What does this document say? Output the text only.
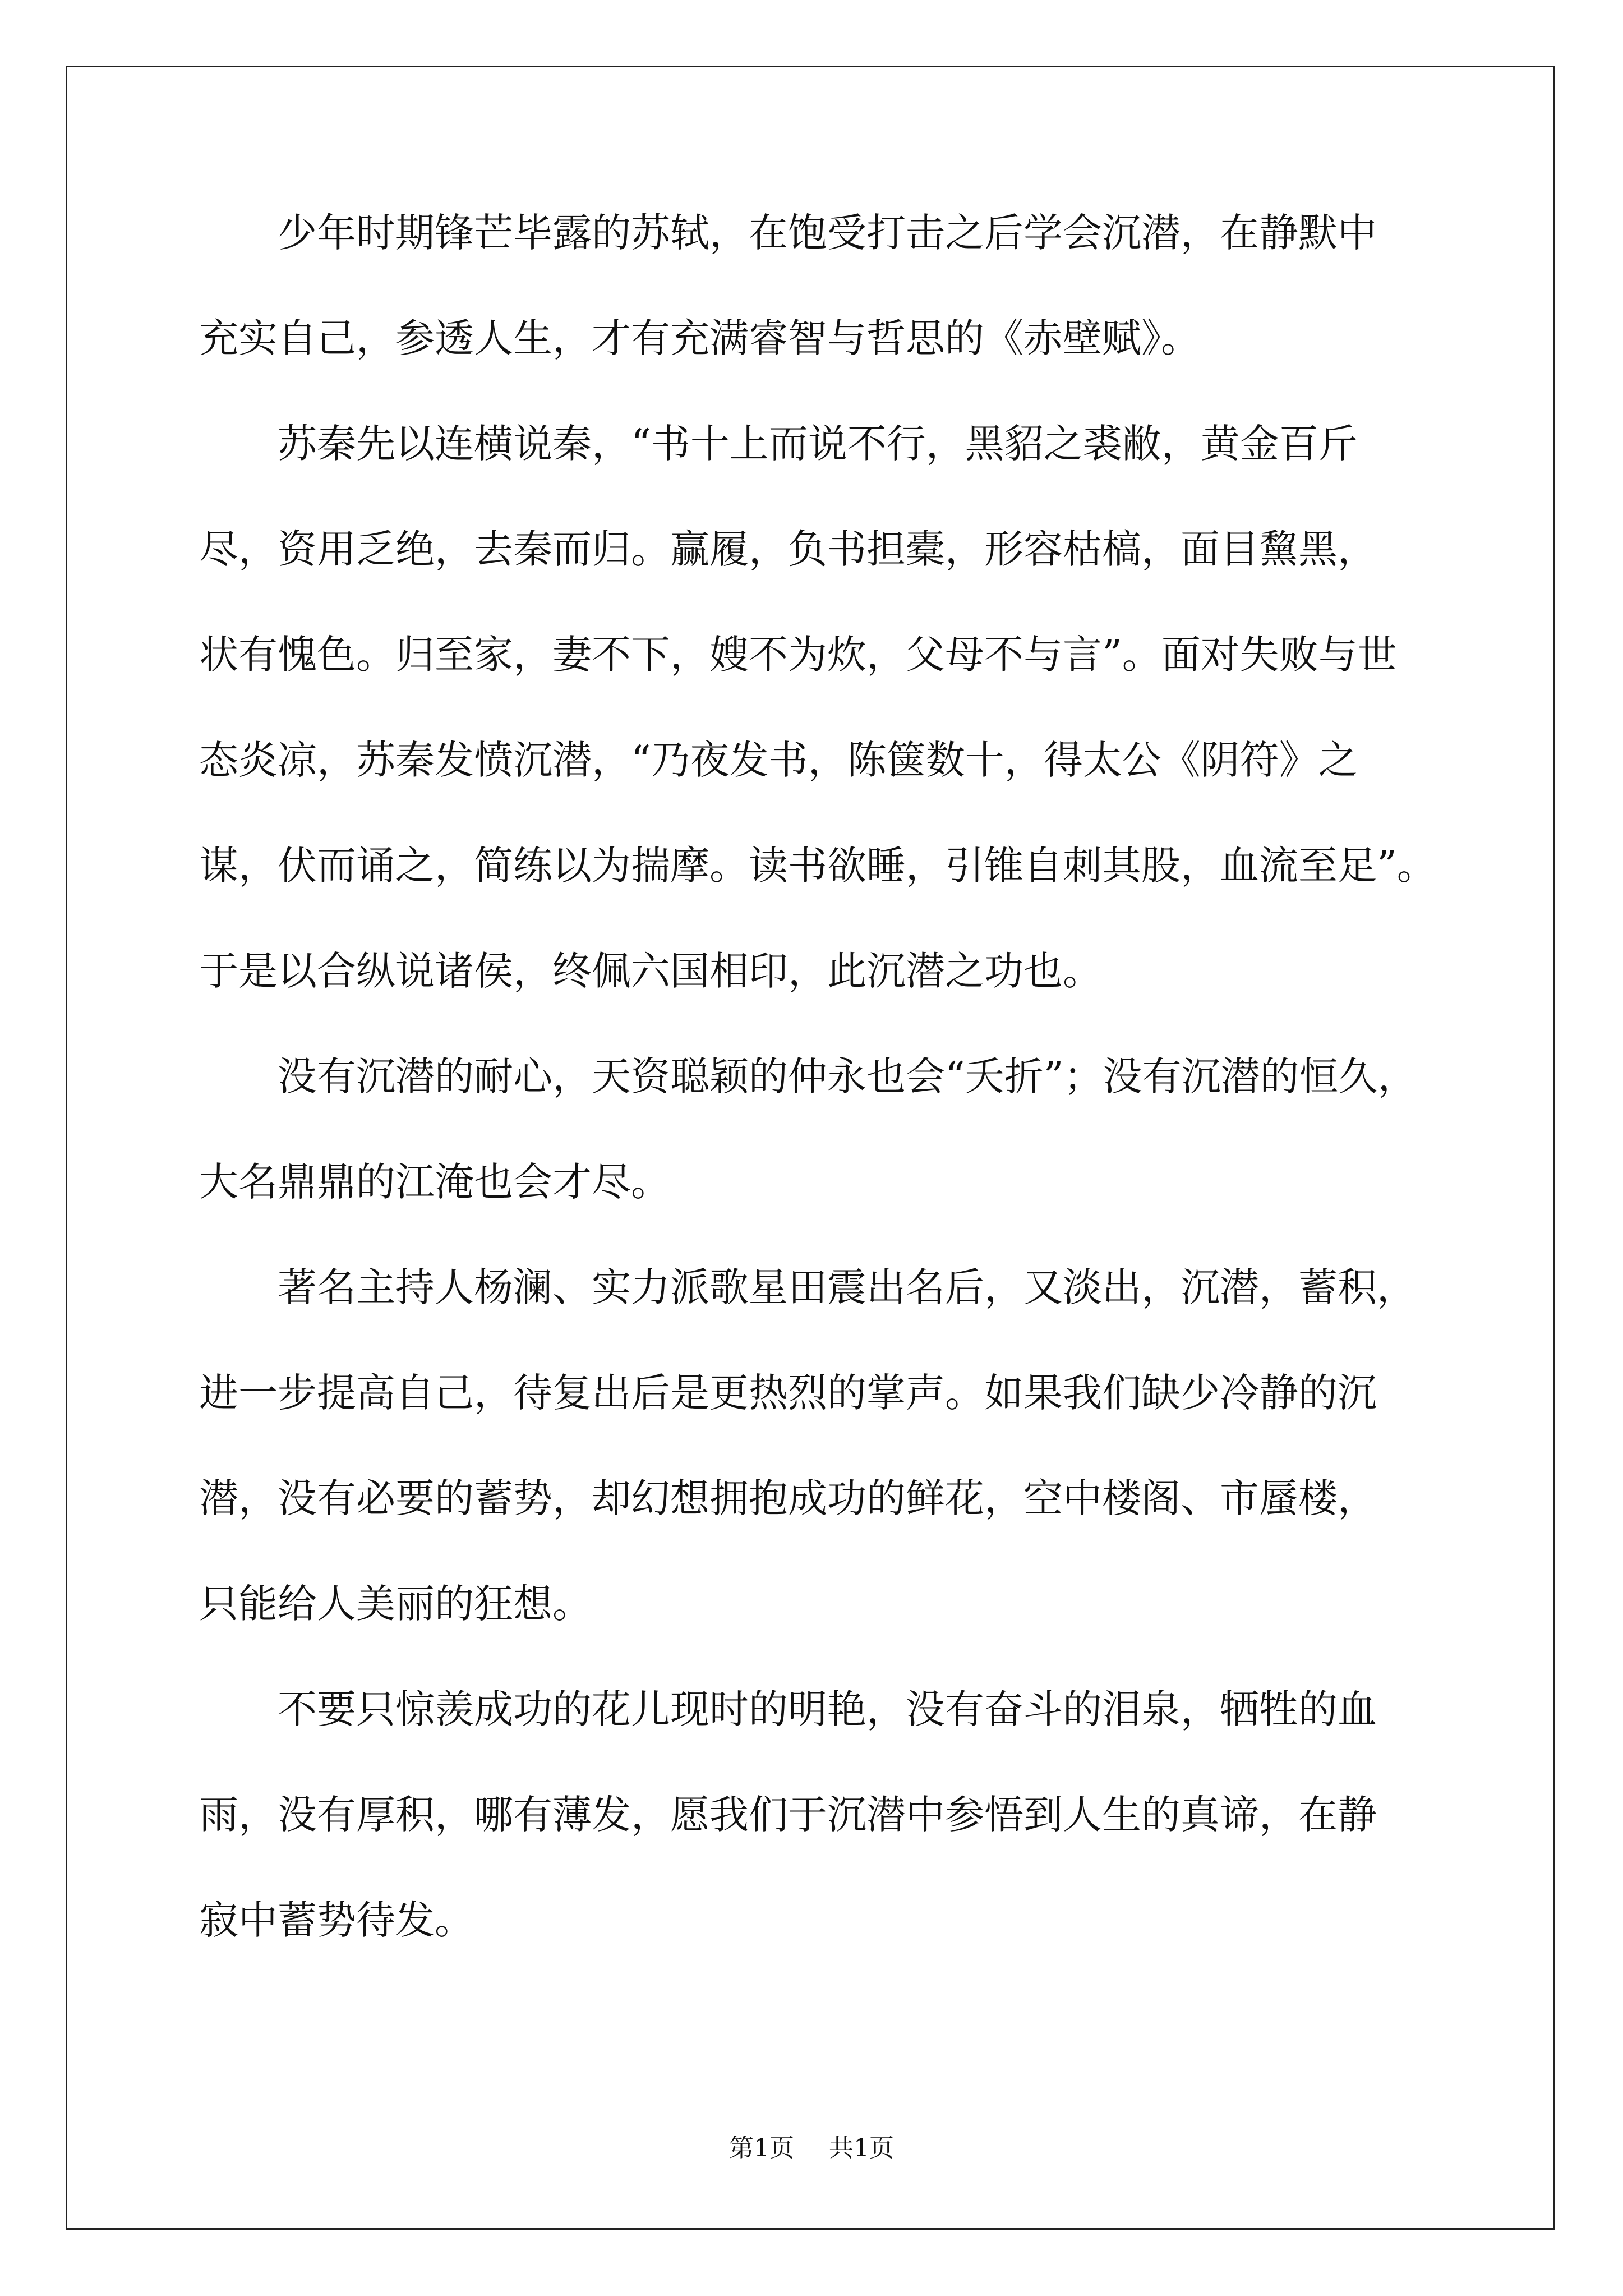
　　少年时期锋芒毕露的苏轼，在饱受打击之后学会沉潜，在静默中
充实自己，参透人生，才有充满睿智与哲思的《赤壁赋》。
　　苏秦先以连横说秦，“书十上而说不行，黑貂之裘敝，黄金百斤
尽，资用乏绝，去秦而归。赢履，负书担橐，形容枯槁，面目黧黑，
状有愧色。归至家，妻不下，嫂不为炊，父母不与言”。面对失败与世
态炎凉，苏秦发愤沉潜，“乃夜发书，陈箧数十，得太公《阴符》之
谋，伏而诵之，简练以为揣摩。读书欲睡，引锥自刺其股，血流至足”。
于是以合纵说诸侯，终佩六国相印，此沉潜之功也。
　　没有沉潜的耐心，天资聪颖的仲永也会“夭折”；没有沉潜的恒久，
大名鼎鼎的江淹也会才尽。
　　著名主持人杨澜、实力派歌星田震出名后，又淡出，沉潜，蓄积，
进一步提高自己，待复出后是更热烈的掌声。如果我们缺少冷静的沉
潜，没有必要的蓄势，却幻想拥抱成功的鲜花，空中楼阁、市蜃楼，
只能给人美丽的狂想。
　　不要只惊羡成功的花儿现时的明艳，没有奋斗的泪泉，牺牲的血
雨，没有厚积，哪有薄发，愿我们于沉潜中参悟到人生的真谛，在静
寂中蓄势待发。
第1页 共1页
